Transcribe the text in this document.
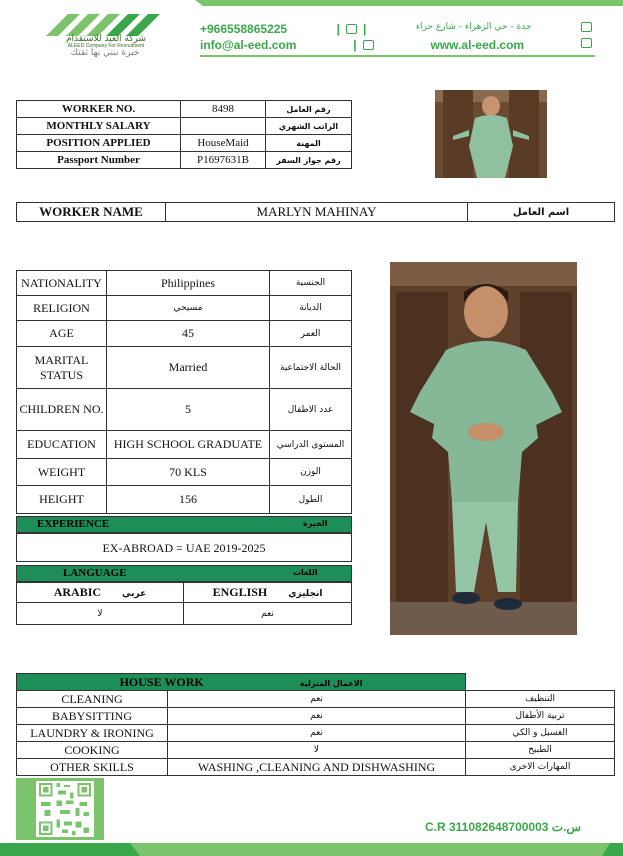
شركة العيد للاستقدام
ALEED Company For Recruitment
خبرة نبني بها ثقتك
+966558865225	| |	جدة - حي الزهراء - شارع حراء
info@al-eed.com	|	www.al-eed.com
WORKER NO.	8498	رقم العامل
MONTHLY SALARY		الراتب الشهري
POSITION APPLIED	HouseMaid	المهنة
Passport Number	P1697631B	رقم جواز السفر
WORKER NAME	MARLYN MAHINAY	اسم العامل
NATIONALITY	Philippines	الجنسية
RELIGION	مسيحي	الديانة
AGE	45	العمر
MARITAL STATUS	Married	الحالة الاجتماعية
CHILDREN NO.	5	عدد الاطفال
EDUCATION	HIGH SCHOOL GRADUATE	المستوى الدراسي
WEIGHT	70 KLS	الوزن
HEIGHT	156	الطول
EXPERIENCE	الخبرة
EX-ABROAD = UAE 2019-2025
LANGUAGE	اللغات
ARABIC عربي	ENGLISH انجليزي
لا	نعم
HOUSE WORK الاعمال المنزلية		
CLEANING	نعم	التنظيف
BABYSITTING	نعم	تربية الأطفال
LAUNDRY & IRONING	نعم	الغسيل و الكي
COOKING	لا	الطبيخ
OTHER SKILLS	WASHING ,CLEANING AND DISHWASHING	المهارات الاخرى
C.R 311082648700003 س.ت
